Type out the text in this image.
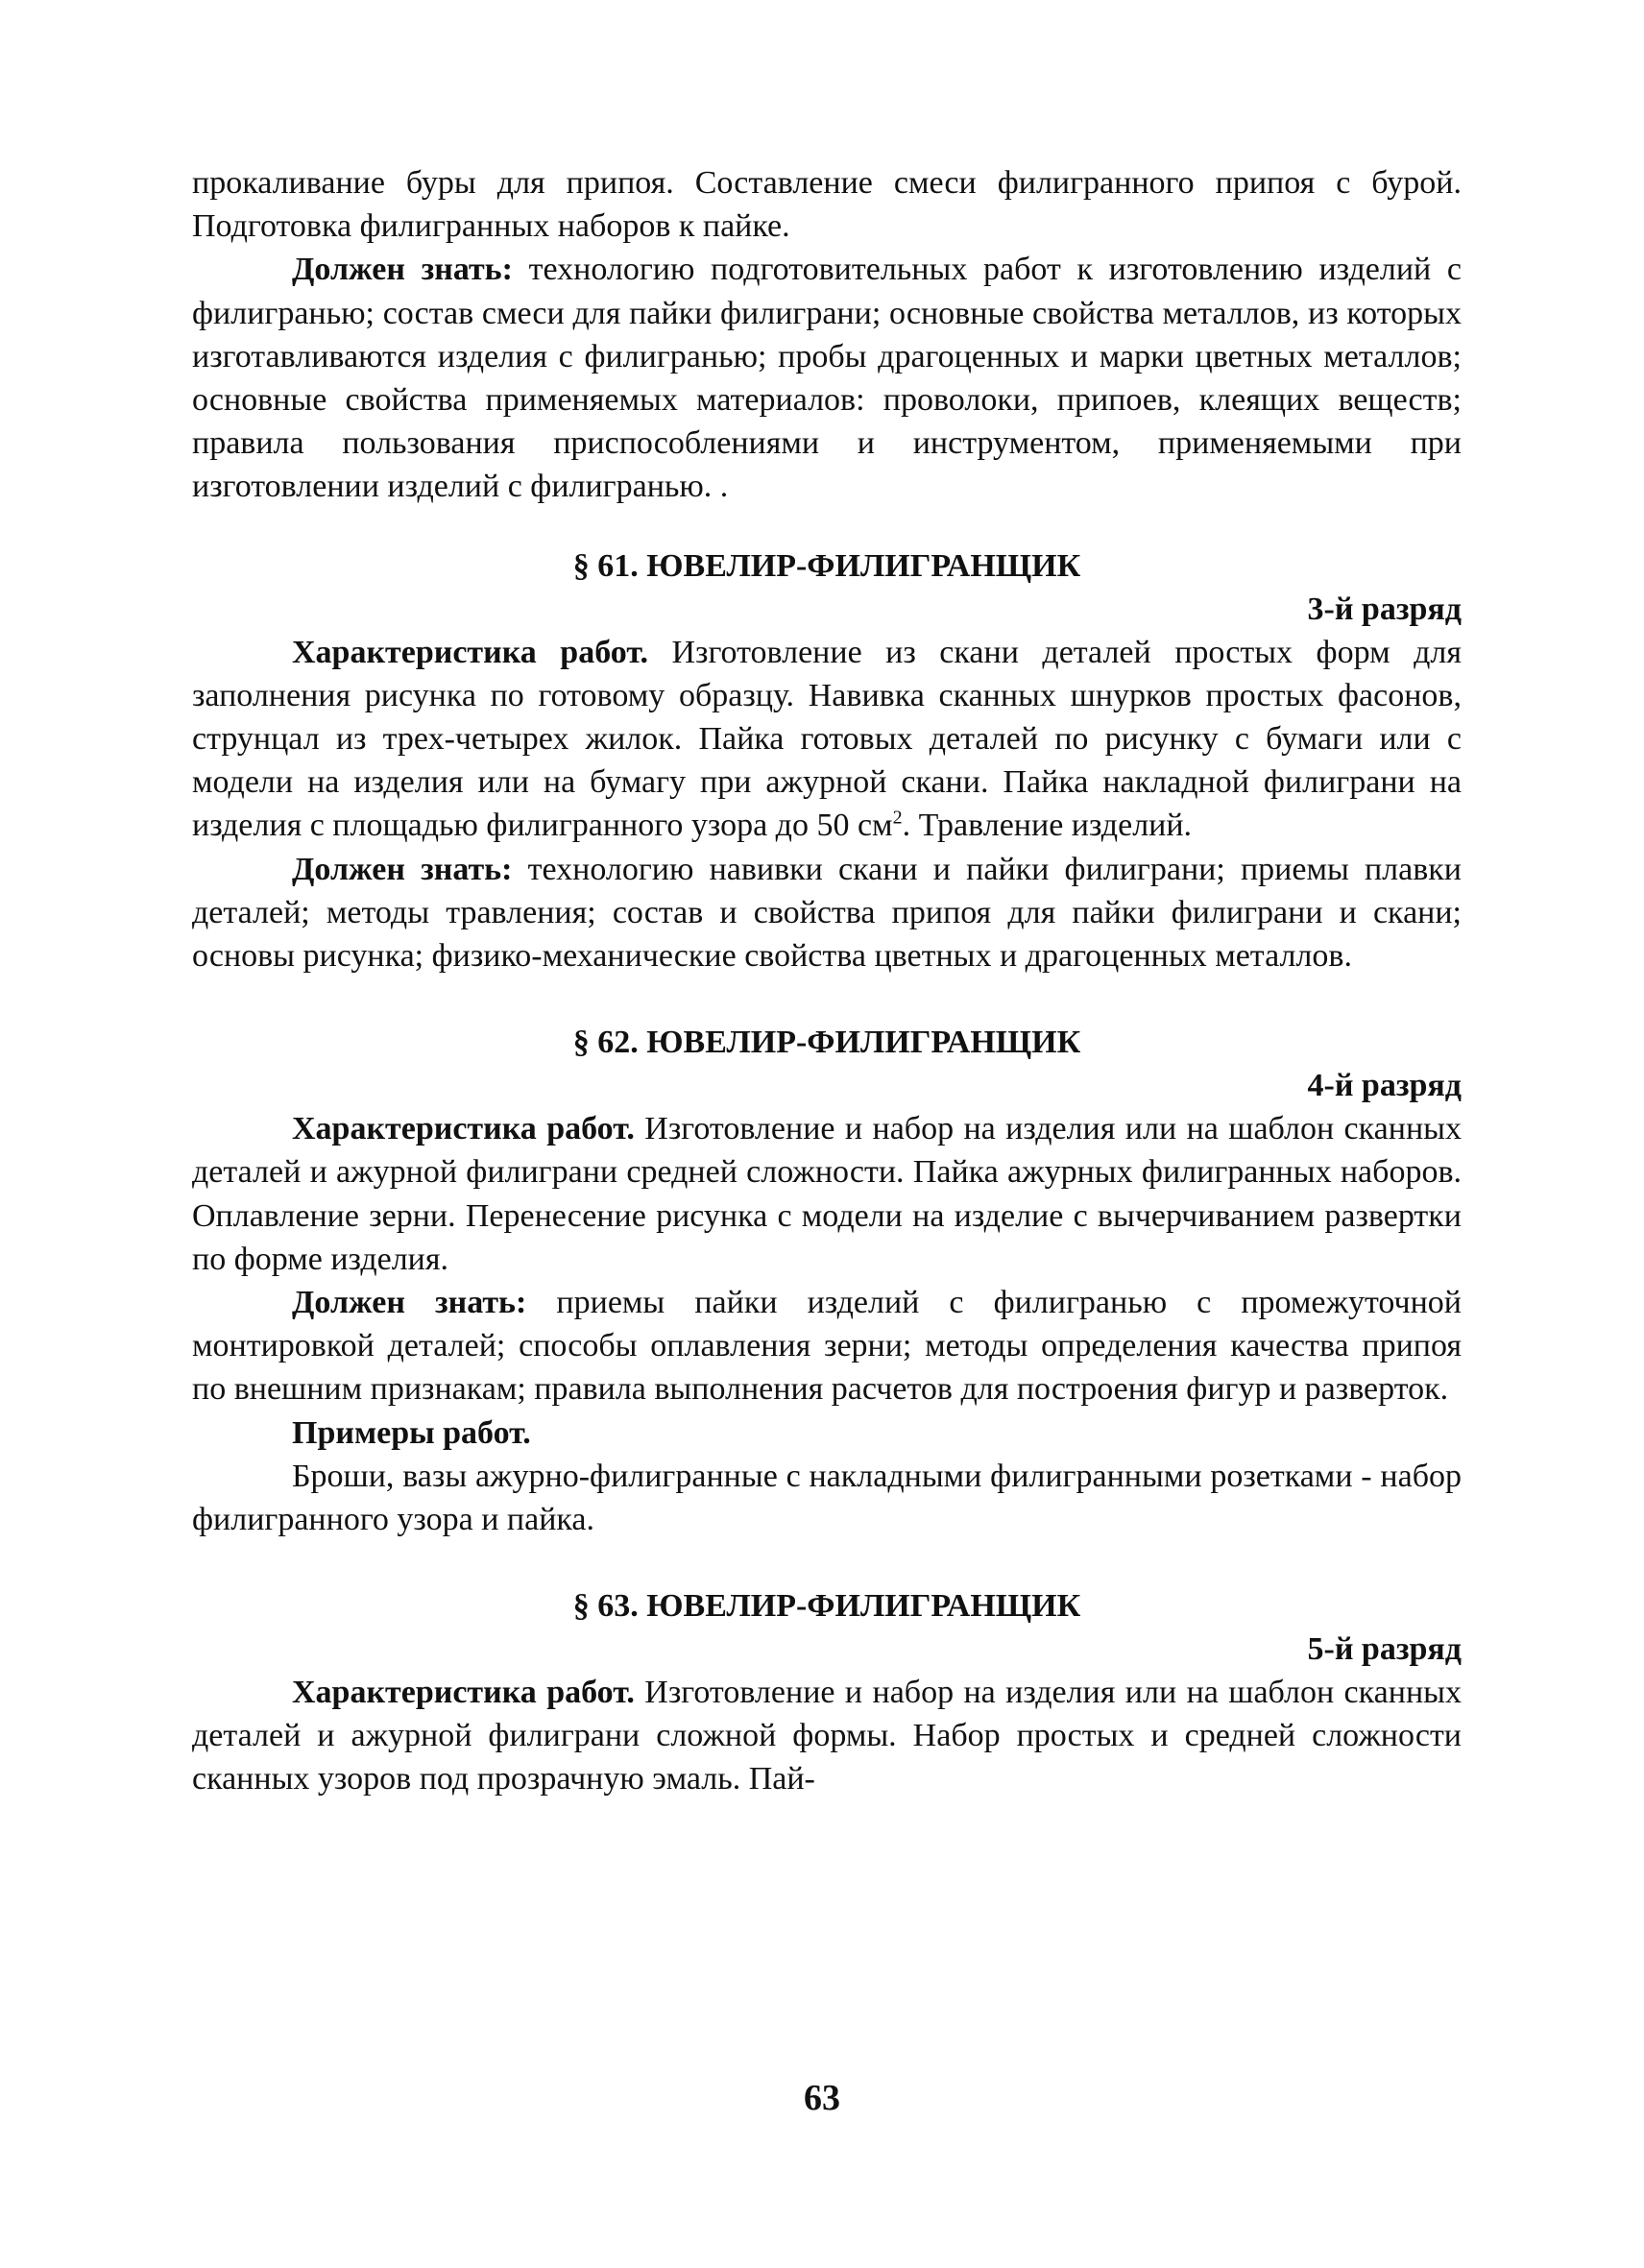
прокаливание буры для припоя. Составление смеси филигранного припоя с бурой. Подготовка филигранных наборов к пайке.

Должен знать: технологию подготовительных работ к изготовлению изделий с филигранью; состав смеси для пайки филиграни; основные свойства металлов, из которых изготавливаются изделия с филигранью; пробы драгоценных и марки цветных металлов; основные свойства применяемых материалов: проволоки, припоев, клеящих веществ; правила пользования приспособлениями и инструментом, применяемыми при изготовлении изделий с филигранью. .

§ 61. ЮВЕЛИР-ФИЛИГРАНЩИК

3-й разряд

Характеристика работ. Изготовление из скани деталей простых форм для заполнения рисунка по готовому образцу. Навивка сканных шнурков простых фасонов, струнцал из трех-четырех жилок. Пайка готовых деталей по рисунку с бумаги или с модели на изделия или на бумагу при ажурной скани. Пайка накладной филиграни на изделия с площадью филигранного узора до 50 $см^2$. Травление изделий.

Должен знать: технологию навивки скани и пайки филиграни; приемы плавки деталей; методы травления; состав и свойства припоя для пайки филиграни и скани; основы рисунка; физико-механические свойства цветных и драгоценных металлов.

§ 62. ЮВЕЛИР-ФИЛИГРАНЩИК

4-й разряд

Характеристика работ. Изготовление и набор на изделия или на шаблон сканных деталей и ажурной филиграни средней сложности. Пайка ажурных филигранных наборов. Оплавление зерни. Перенесение рисунка с модели на изделие с вычерчиванием развертки по форме изделия.

Должен знать: приемы пайки изделий с филигранью с промежуточной монтировкой деталей; способы оплавления зерни; методы определения качества припоя по внешним признакам; правила выполнения расчетов для построения фигур и разверток.

Примеры работ.

Броши, вазы ажурно-филигранные с накладными филигранными розетками - набор филигранного узора и пайка.

§ 63. ЮВЕЛИР-ФИЛИГРАНЩИК

5-й разряд

Характеристика работ. Изготовление и набор на изделия или на шаблон сканных деталей и ажурной филиграни сложной формы. Набор простых и средней сложности сканных узоров под прозрачную эмаль. Пай-

63
